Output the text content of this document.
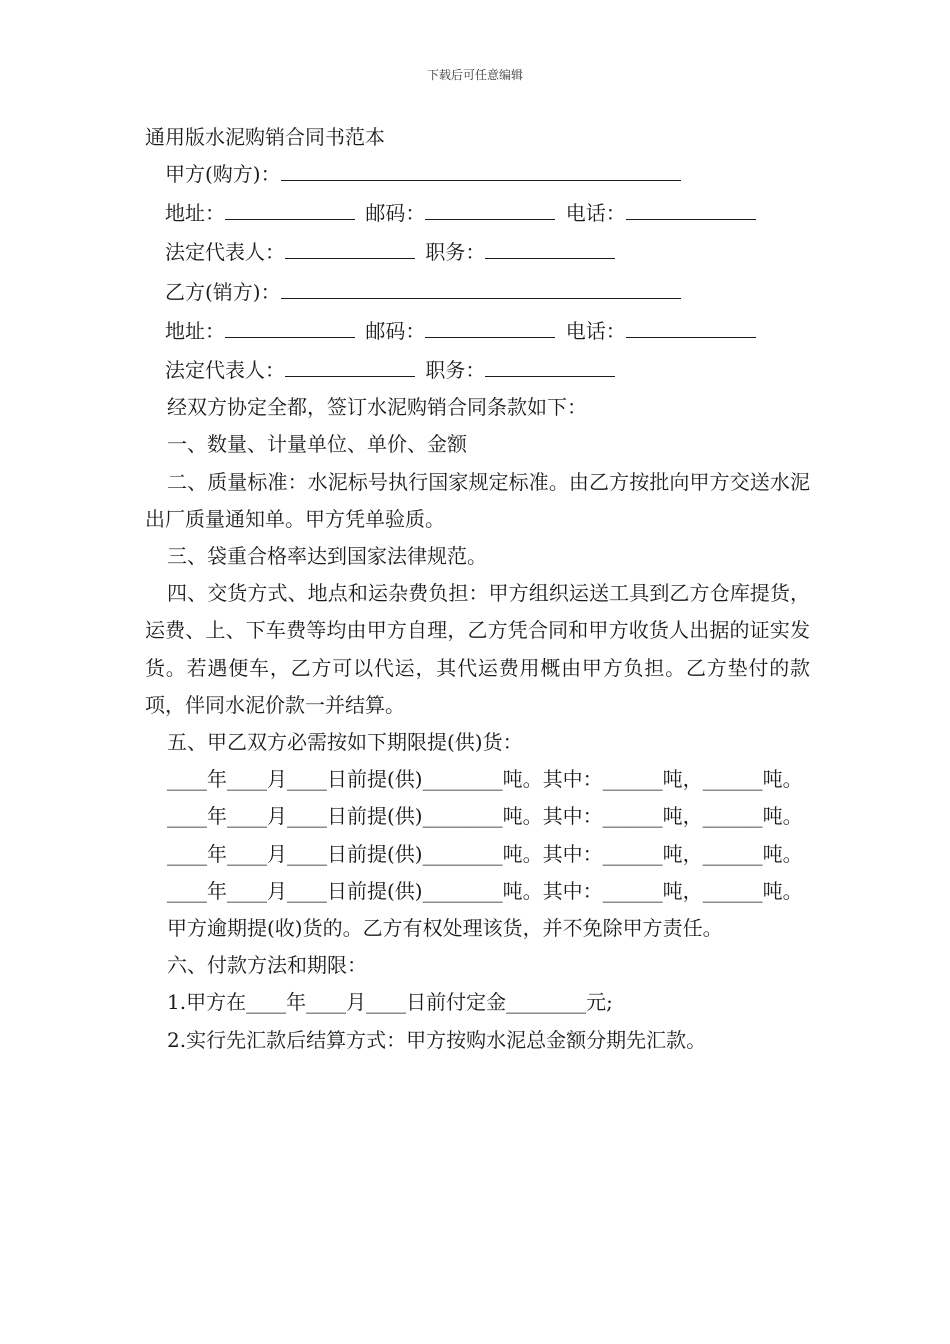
下载后可任意编辑
通用版水泥购销合同书范本
甲方(购方)：
地址：	邮码：	电话：
法定代表人：	职务：
乙方(销方)：
地址：	邮码：	电话：
法定代表人：	职务：

经双方协定全都，签订水泥购销合同条款如下：

一、数量、计量单位、单价、金额

二、质量标准：水泥标号执行国家规定标准。由乙方按批向甲方交送水泥出厂质量通知单。甲方凭单验质。

三、袋重合格率达到国家法律规范。

四、交货方式、地点和运杂费负担：甲方组织运送工具到乙方仓库提货，运费、上、下车费等均由甲方自理，乙方凭合同和甲方收货人出据的证实发货。若遇便车，乙方可以代运，其代运费用概由甲方负担。乙方垫付的款项，伴同水泥价款一并结算。

五、甲乙双方必需按如下期限提(供)货：

____年____月____日前提(供)________吨。其中：______吨，______吨。

____年____月____日前提(供)________吨。其中：______吨，______吨。

____年____月____日前提(供)________吨。其中：______吨，______吨。

____年____月____日前提(供)________吨。其中：______吨，______吨。

甲方逾期提(收)货的。乙方有权处理该货，并不免除甲方责任。

六、付款方法和期限：

1.甲方在____年____月____日前付定金________元;

2.实行先汇款后结算方式：甲方按购水泥总金额分期先汇款。
